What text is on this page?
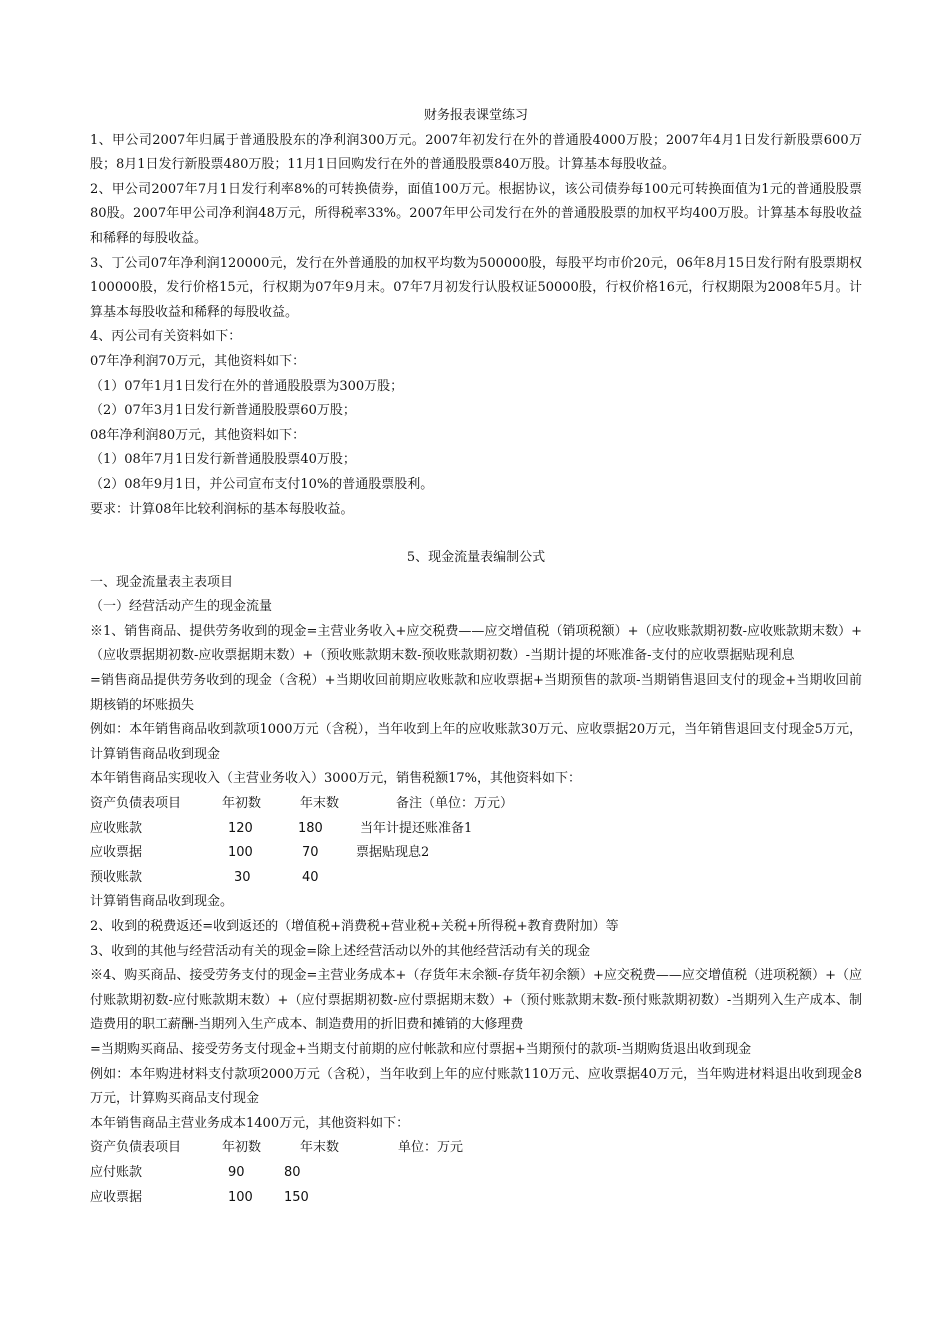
财务报表课堂练习

1、甲公司2007年归属于普通股股东的净利润300万元。2007年初发行在外的普通股4000万股；2007年4月1日发行新股票600万股；8月1日发行新股票480万股；11月1日回购发行在外的普通股股票840万股。计算基本每股收益。

2、甲公司2007年7月1日发行利率8%的可转换债券，面值100万元。根据协议，该公司债券每100元可转换面值为1元的普通股股票80股。2007年甲公司净利润48万元，所得税率33%。2007年甲公司发行在外的普通股股票的加权平均400万股。计算基本每股收益和稀释的每股收益。

3、丁公司07年净利润120000元，发行在外普通股的加权平均数为500000股，每股平均市价20元，06年8月15日发行附有股票期权100000股，发行价格15元，行权期为07年9月末。07年7月初发行认股权证50000股，行权价格16元，行权期限为2008年5月。计算基本每股收益和稀释的每股收益。

4、丙公司有关资料如下：

07年净利润70万元，其他资料如下：

（1）07年1月1日发行在外的普通股股票为300万股；

（2）07年3月1日发行新普通股股票60万股；

08年净利润80万元，其他资料如下：

（1）08年7月1日发行新普通股股票40万股；

（2）08年9月1日，并公司宣布支付10%的普通股票股利。

要求：计算08年比较利润标的基本每股收益。

5、现金流量表编制公式

一、现金流量表主表项目

（一）经营活动产生的现金流量

※1、销售商品、提供劳务收到的现金=主营业务收入+应交税费——应交增值税（销项税额）+（应收账款期初数-应收账款期末数）+（应收票据期初数-应收票据期末数）+（预收账款期末数-预收账款期初数）-当期计提的坏账准备-支付的应收票据贴现利息

=销售商品提供劳务收到的现金（含税）+当期收回前期应收账款和应收票据+当期预售的款项-当期销售退回支付的现金+当期收回前期核销的坏账损失

例如：本年销售商品收到款项1000万元（含税），当年收到上年的应收账款30万元、应收票据20万元，当年销售退回支付现金5万元，计算销售商品收到现金

本年销售商品实现收入（主营业务收入）3000万元，销售税额17%，其他资料如下：

资产负债表项目	年初数	年末数	备注（单位：万元）
应收账款	120	180	当年计提还账准备1
应收票据	100	70	票据贴现息2
预收账款	30	40

计算销售商品收到现金。

2、收到的税费返还=收到返还的（增值税+消费税+营业税+关税+所得税+教育费附加）等

3、收到的其他与经营活动有关的现金=除上述经营活动以外的其他经营活动有关的现金

※4、购买商品、接受劳务支付的现金=主营业务成本+（存货年末余额-存货年初余额）+应交税费——应交增值税（进项税额）+（应付账款期初数-应付账款期末数）+（应付票据期初数-应付票据期末数）+（预付账款期末数-预付账款期初数）-当期列入生产成本、制造费用的职工薪酬-当期列入生产成本、制造费用的折旧费和摊销的大修理费

=当期购买商品、接受劳务支付现金+当期支付前期的应付帐款和应付票据+当期预付的款项-当期购货退出收到现金

例如：本年购进材料支付款项2000万元（含税），当年收到上年的应付账款110万元、应收票据40万元，当年购进材料退出收到现金8万元，计算购买商品支付现金

本年销售商品主营业务成本1400万元，其他资料如下：

资产负债表项目	年初数	年末数	单位：万元
应付账款	90	80
应收票据	100	150
